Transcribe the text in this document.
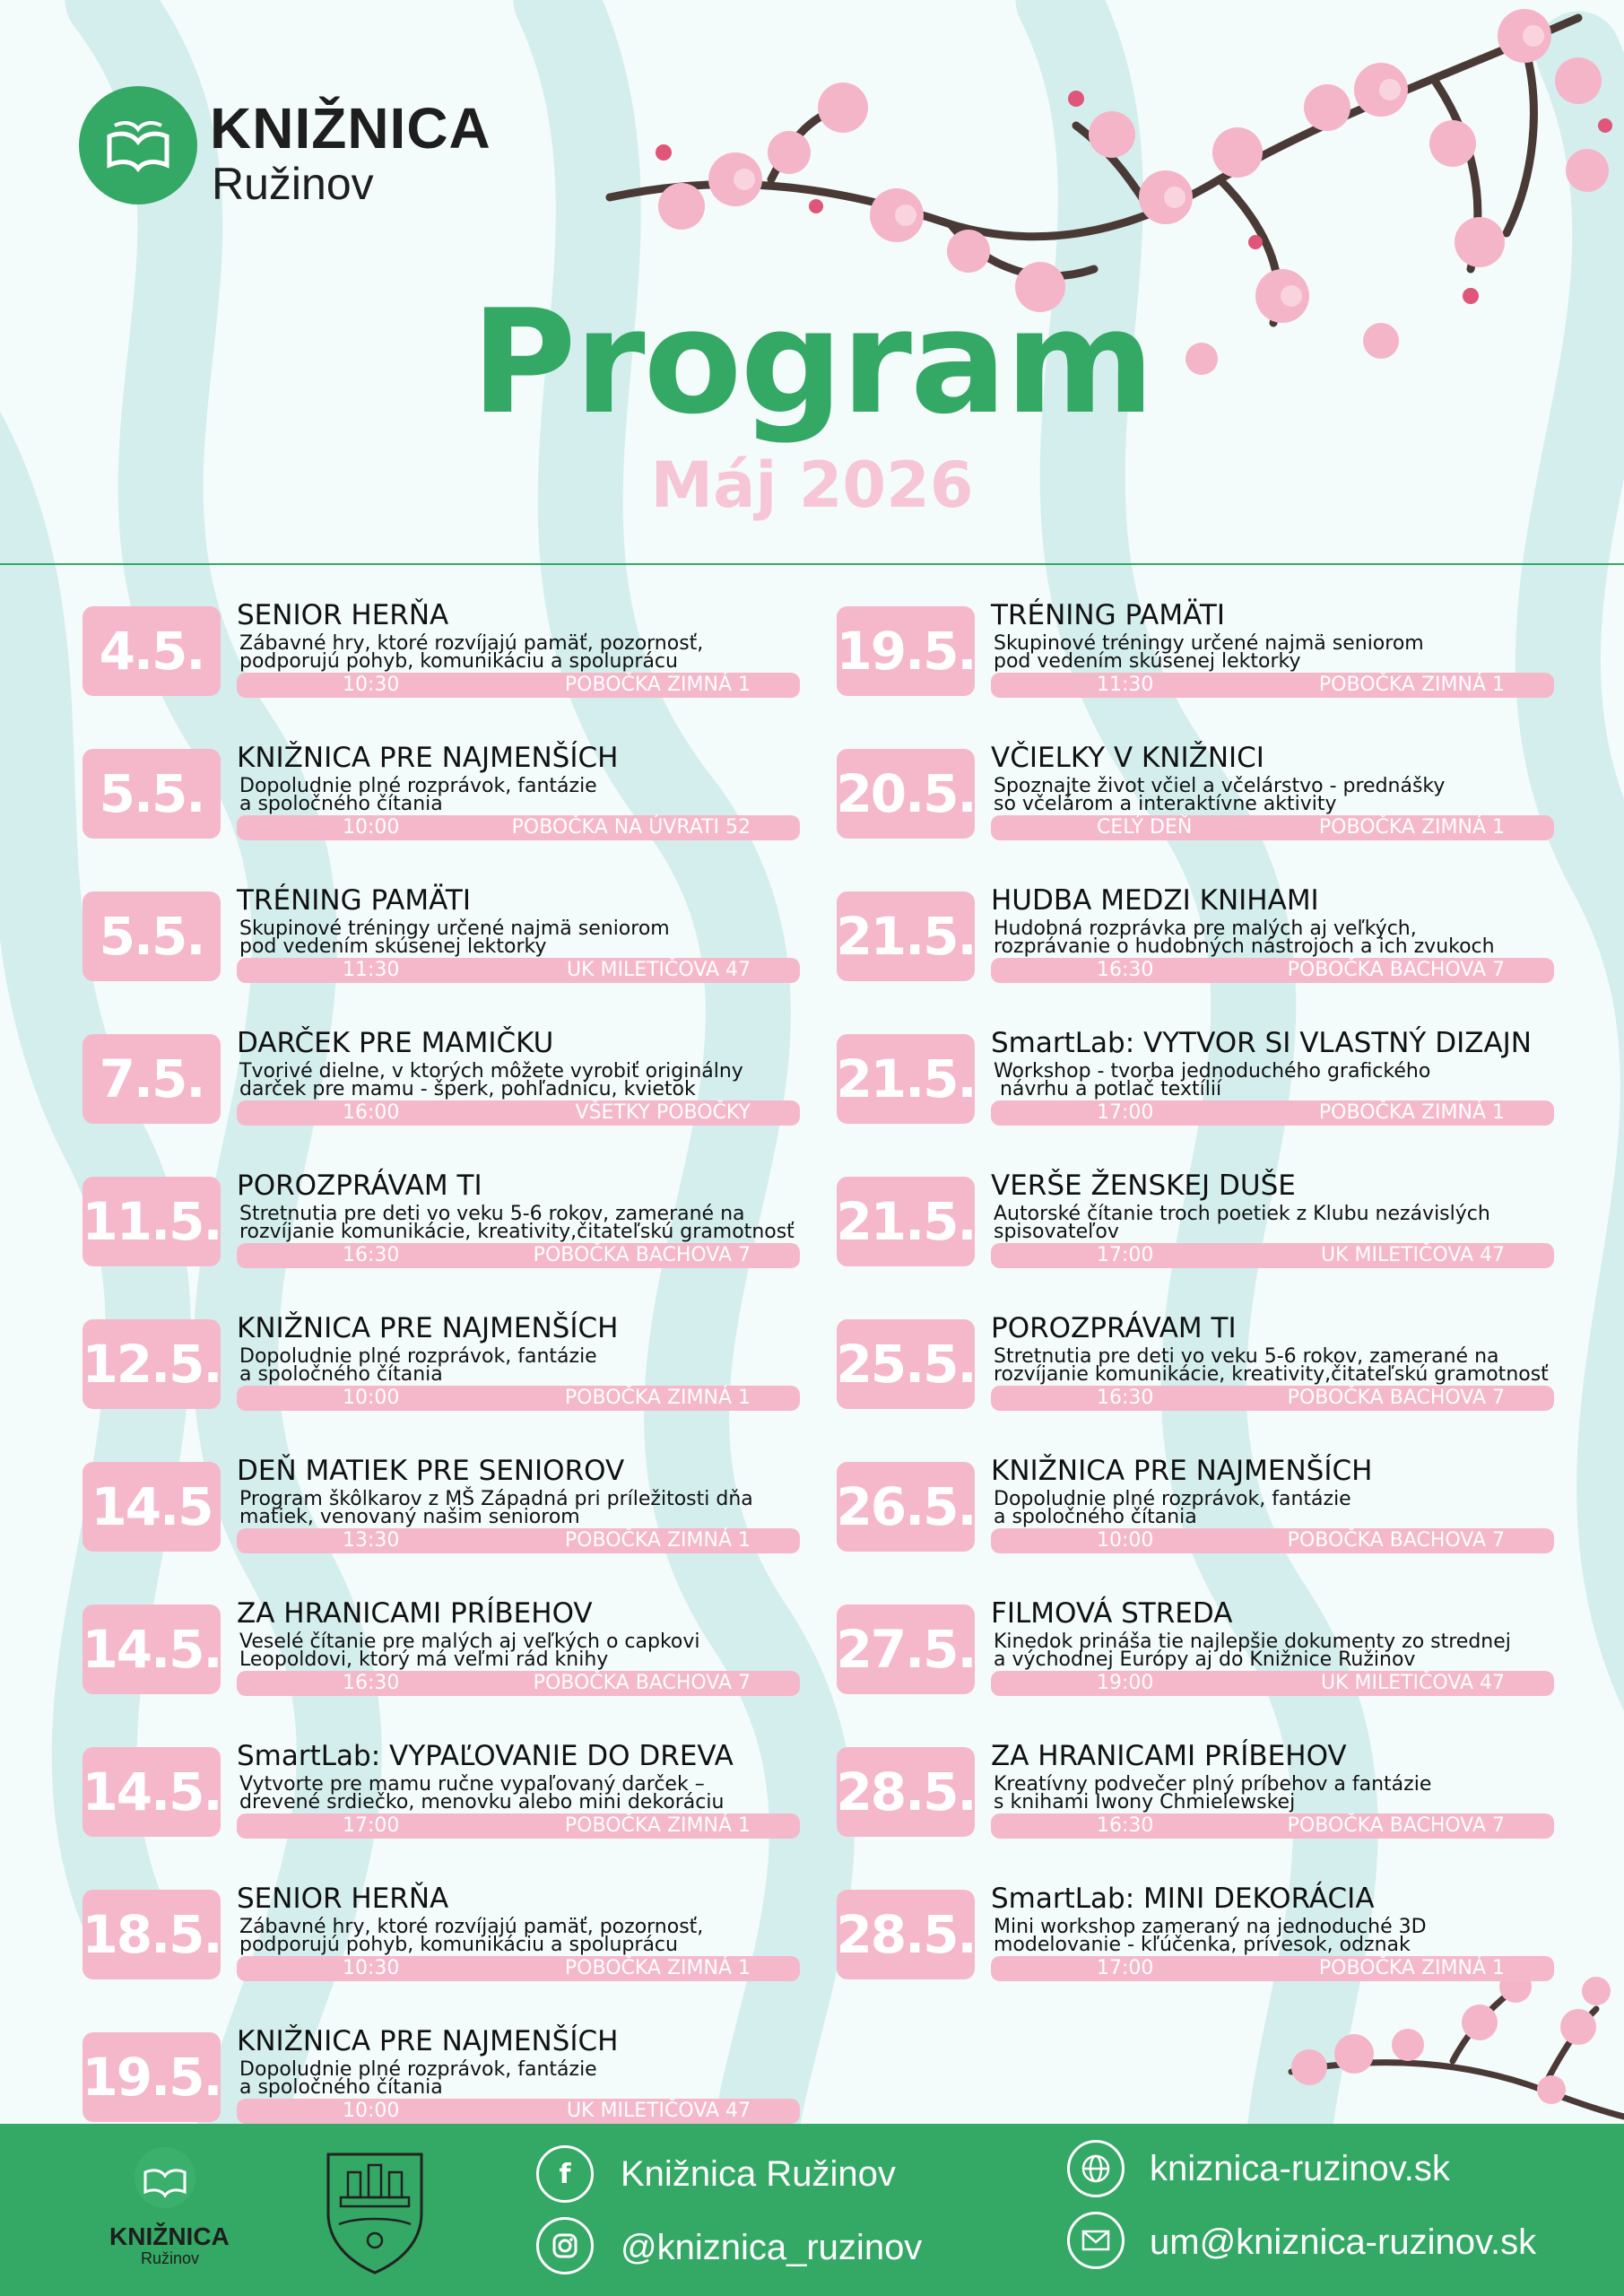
KNIŽNICA
Ružinov
Program
Máj 2026
4.5.
SENIOR HERŇA
Zábavné hry, ktoré rozvíjajú pamäť, pozornosť,
podporujú pohyb, komunikáciu a spoluprácu
10:30	POBOČKA ZIMNÁ 1
5.5.
KNIŽNICA PRE NAJMENŠÍCH
Dopoludnie plné rozprávok, fantázie
a spoločného čítania
10:00	POBOČKA NA ÚVRATI 52
5.5.
TRÉNING PAMÄTI
Skupinové tréningy určené najmä seniorom
pod vedením skúsenej lektorky
11:30	UK MILETIČOVA 47
7.5.
DARČEK PRE MAMIČKU
Tvorivé dielne, v ktorých môžete vyrobiť originálny
darček pre mamu - šperk, pohľadnicu, kvietok
16:00	VŠETKY POBOČKY
11.5.
POROZPRÁVAM TI
Stretnutia pre deti vo veku 5-6 rokov, zamerané na
rozvíjanie komunikácie, kreativity,čitateľskú gramotnosť
16:30	POBOČKA BACHOVA 7
12.5.
KNIŽNICA PRE NAJMENŠÍCH
Dopoludnie plné rozprávok, fantázie
a spoločného čítania
10:00	POBOČKA ZIMNÁ 1
14.5
DEŇ MATIEK PRE SENIOROV
Program škôlkarov z MŠ Západná pri príležitosti dňa
matiek, venovaný našim seniorom
13:30	POBOČKA ZIMNÁ 1
14.5.
ZA HRANICAMI PRÍBEHOV
Veselé čítanie pre malých aj veľkých o capkovi
Leopoldovi, ktorý má veľmi rád knihy
16:30	POBOČKA BACHOVA 7
14.5.
SmartLab: VYPAĽOVANIE DO DREVA
Vytvorte pre mamu ručne vypaľovaný darček –
drevené srdiečko, menovku alebo mini dekoráciu
17:00	POBOČKA ZIMNÁ 1
18.5.
SENIOR HERŇA
Zábavné hry, ktoré rozvíjajú pamäť, pozornosť,
podporujú pohyb, komunikáciu a spoluprácu
10:30	POBOČKA ZIMNÁ 1
19.5.
KNIŽNICA PRE NAJMENŠÍCH
Dopoludnie plné rozprávok, fantázie
a spoločného čítania
10:00	UK MILETIČOVA 47
19.5.
TRÉNING PAMÄTI
Skupinové tréningy určené najmä seniorom
pod vedením skúsenej lektorky
11:30	POBOČKA ZIMNÁ 1
20.5.
VČIELKY V KNIŽNICI
Spoznajte život včiel a včelárstvo - prednášky
so včelárom a interaktívne aktivity
CELÝ DEŇ	POBOČKA ZIMNÁ 1
21.5.
HUDBA MEDZI KNIHAMI
Hudobná rozprávka pre malých aj veľkých,
rozprávanie o hudobných nástrojoch a ich zvukoch
16:30	POBOČKA BACHOVA 7
21.5.
SmartLab: VYTVOR SI VLASTNÝ DIZAJN
Workshop - tvorba jednoduchého grafického
návrhu a potlač textílií
17:00	POBOČKA ZIMNÁ 1
21.5.
VERŠE ŽENSKEJ DUŠE
Autorské čítanie troch poetiek z Klubu nezávislých
spisovateľov
17:00	UK MILETIČOVA 47
25.5.
POROZPRÁVAM TI
Stretnutia pre deti vo veku 5-6 rokov, zamerané na
rozvíjanie komunikácie, kreativity,čitateľskú gramotnosť
16:30	POBOČKA BACHOVA 7
26.5.
KNIŽNICA PRE NAJMENŠÍCH
Dopoludnie plné rozprávok, fantázie
a spoločného čítania
10:00	POBOČKA BACHOVA 7
27.5.
FILMOVÁ STREDA
Kinedok prináša tie najlepšie dokumenty zo strednej
a východnej Európy aj do Knižnice Ružinov
19:00	UK MILETIČOVA 47
28.5.
ZA HRANICAMI PRÍBEHOV
Kreatívny podvečer plný príbehov a fantázie
s knihami Iwony Chmielewskej
16:30	POBOČKA BACHOVA 7
28.5.
SmartLab: MINI DEKORÁCIA
Mini workshop zameraný na jednoduché 3D
modelovanie - kľúčenka, prívesok, odznak
17:00	POBOČKA ZIMNÁ 1
KNIŽNICA
Ružinov
f	Knižnica Ružinov
@kniznica_ruzinov
kniznica-ruzinov.sk
um@kniznica-ruzinov.sk
